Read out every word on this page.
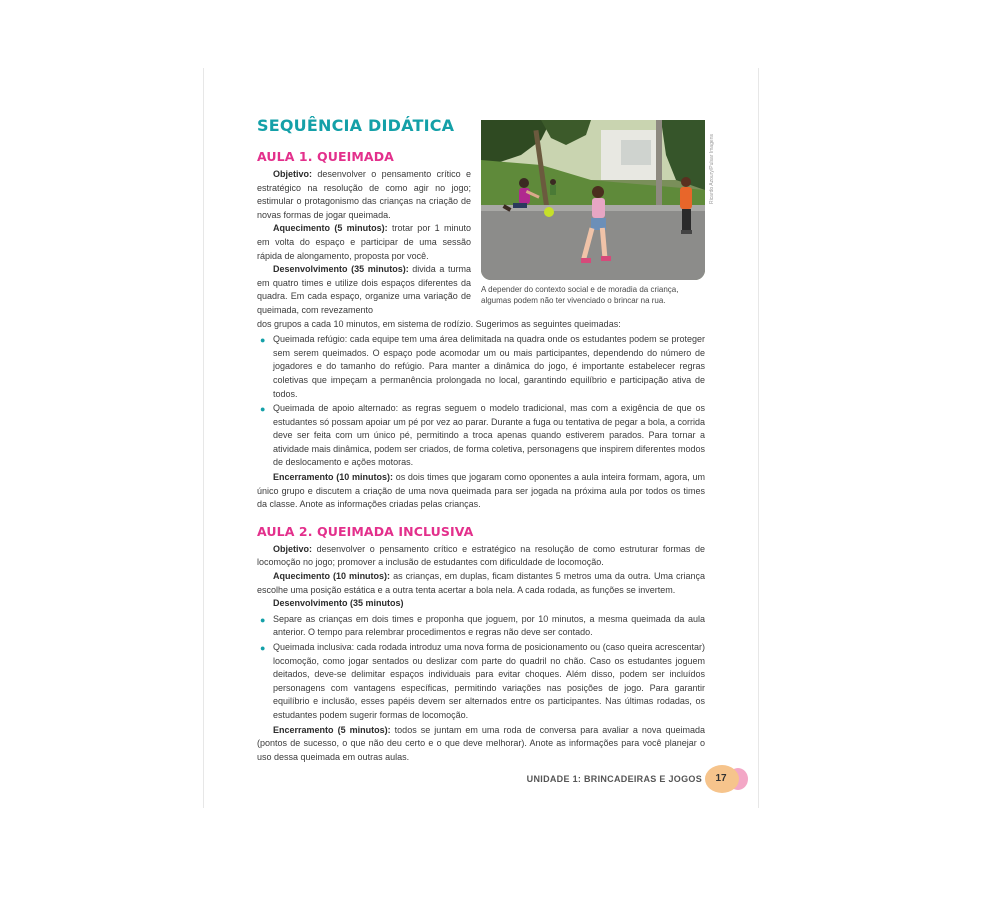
SEQUÊNCIA DIDÁTICA
A depender do contexto social e de moradia da criança, algumas podem não ter vivenciado o brincar na rua.
Ricardo Azoury/Pulsar Imagens
AULA 1. QUEIMADA

Objetivo: desenvolver o pensamento crítico e estratégico na resolução de como agir no jogo; estimular o protagonismo das crianças na criação de novas formas de jogar queimada.

Aquecimento (5 minutos): trotar por 1 minuto em volta do espaço e participar de uma sessão rápida de alongamento, proposta por você.

Desenvolvimento (35 minutos): divida a turma em quatro times e utilize dois espaços diferentes da quadra. Em cada espaço, organize uma variação de queimada, com revezamento

dos grupos a cada 10 minutos, em sistema de rodízio. Sugerimos as seguintes queimadas:

● Queimada refúgio: cada equipe tem uma área delimitada na quadra onde os estudantes podem se proteger sem serem queimados. O espaço pode acomodar um ou mais participantes, dependendo do número de jogadores e do tamanho do refúgio. Para manter a dinâmica do jogo, é importante estabelecer regras coletivas que impeçam a permanência prolongada no local, garantindo equilíbrio e participação ativa de todos.
● Queimada de apoio alternado: as regras seguem o modelo tradicional, mas com a exigência de que os estudantes só possam apoiar um pé por vez ao parar. Durante a fuga ou tentativa de pegar a bola, a corrida deve ser feita com um único pé, permitindo a troca apenas quando estiverem parados. Para tornar a atividade mais dinâmica, podem ser criados, de forma coletiva, personagens que inspirem diferentes modos de deslocamento e ações motoras.

Encerramento (10 minutos): os dois times que jogaram como oponentes a aula inteira formam, agora, um único grupo e discutem a criação de uma nova queimada para ser jogada na próxima aula por todos os times da classe. Anote as informações criadas pelas crianças.

AULA 2. QUEIMADA INCLUSIVA

Objetivo: desenvolver o pensamento crítico e estratégico na resolução de como estruturar formas de locomoção no jogo; promover a inclusão de estudantes com dificuldade de locomoção.

Aquecimento (10 minutos): as crianças, em duplas, ficam distantes 5 metros uma da outra. Uma criança escolhe uma posição estática e a outra tenta acertar a bola nela. A cada rodada, as funções se invertem.

Desenvolvimento (35 minutos)

● Separe as crianças em dois times e proponha que joguem, por 10 minutos, a mesma queimada da aula anterior. O tempo para relembrar procedimentos e regras não deve ser contado.
● Queimada inclusiva: cada rodada introduz uma nova forma de posicionamento ou (caso queira acrescentar) locomoção, como jogar sentados ou deslizar com parte do quadril no chão. Caso os estudantes joguem deitados, deve-se delimitar espaços individuais para evitar choques. Além disso, podem ser incluídos personagens com vantagens específicas, permitindo variações nas posições de jogo. Para garantir equilíbrio e inclusão, esses papéis devem ser alternados entre os participantes. Nas últimas rodadas, os estudantes podem sugerir formas de locomoção.

Encerramento (5 minutos): todos se juntam em uma roda de conversa para avaliar a nova queimada (pontos de sucesso, o que não deu certo e o que deve melhorar). Anote as informações para você planejar o uso dessa queimada em outras aulas.

UNIDADE 1: BRINCADEIRAS E JOGOS	17
